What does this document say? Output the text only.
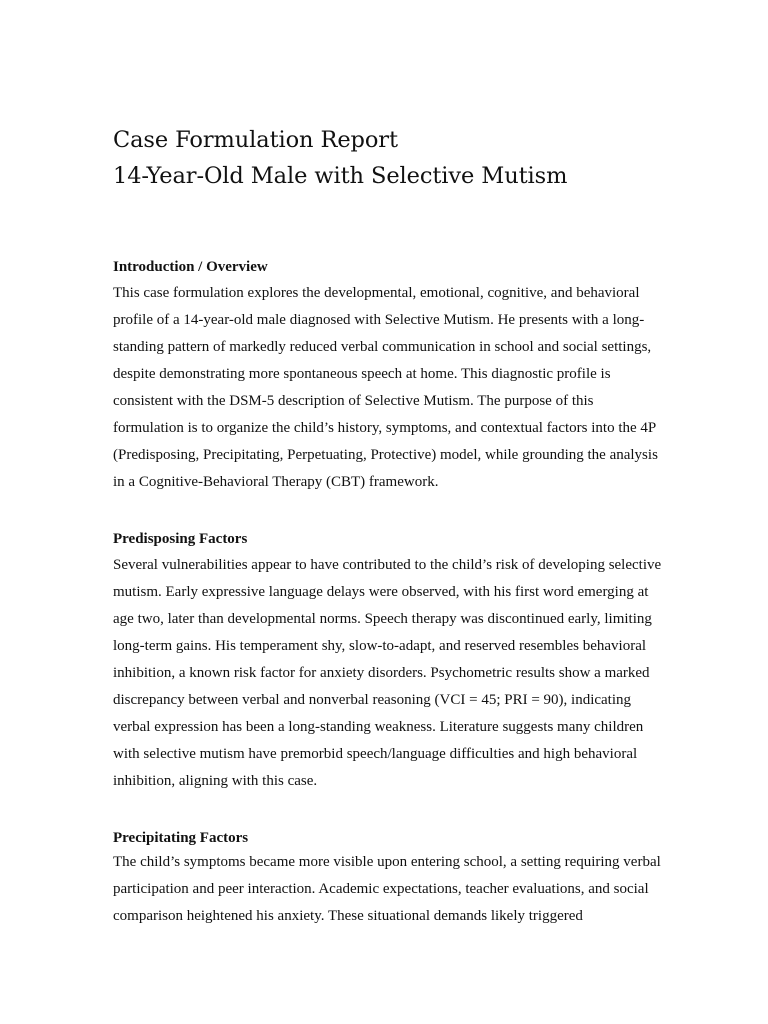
Case Formulation Report
14-Year-Old Male with Selective Mutism
Introduction / Overview

This case formulation explores the developmental, emotional, cognitive, and behavioral profile of a 14-year-old male diagnosed with Selective Mutism. He presents with a long-standing pattern of markedly reduced verbal communication in school and social settings, despite demonstrating more spontaneous speech at home. This diagnostic profile is consistent with the DSM-5 description of Selective Mutism. The purpose of this formulation is to organize the child’s history, symptoms, and contextual factors into the 4P (Predisposing, Precipitating, Perpetuating, Protective) model, while grounding the analysis in a Cognitive-Behavioral Therapy (CBT) framework.

Predisposing Factors

Several vulnerabilities appear to have contributed to the child’s risk of developing selective mutism. Early expressive language delays were observed, with his first word emerging at age two, later than developmental norms. Speech therapy was discontinued early, limiting long-term gains. His temperament shy, slow-to-adapt, and reserved resembles behavioral inhibition, a known risk factor for anxiety disorders. Psychometric results show a marked discrepancy between verbal and nonverbal reasoning (VCI = 45; PRI = 90), indicating verbal expression has been a long-standing weakness. Literature suggests many children with selective mutism have premorbid speech/language difficulties and high behavioral inhibition, aligning with this case.

Precipitating Factors

The child’s symptoms became more visible upon entering school, a setting requiring verbal participation and peer interaction. Academic expectations, teacher evaluations, and social comparison heightened his anxiety. These situational demands likely triggered
